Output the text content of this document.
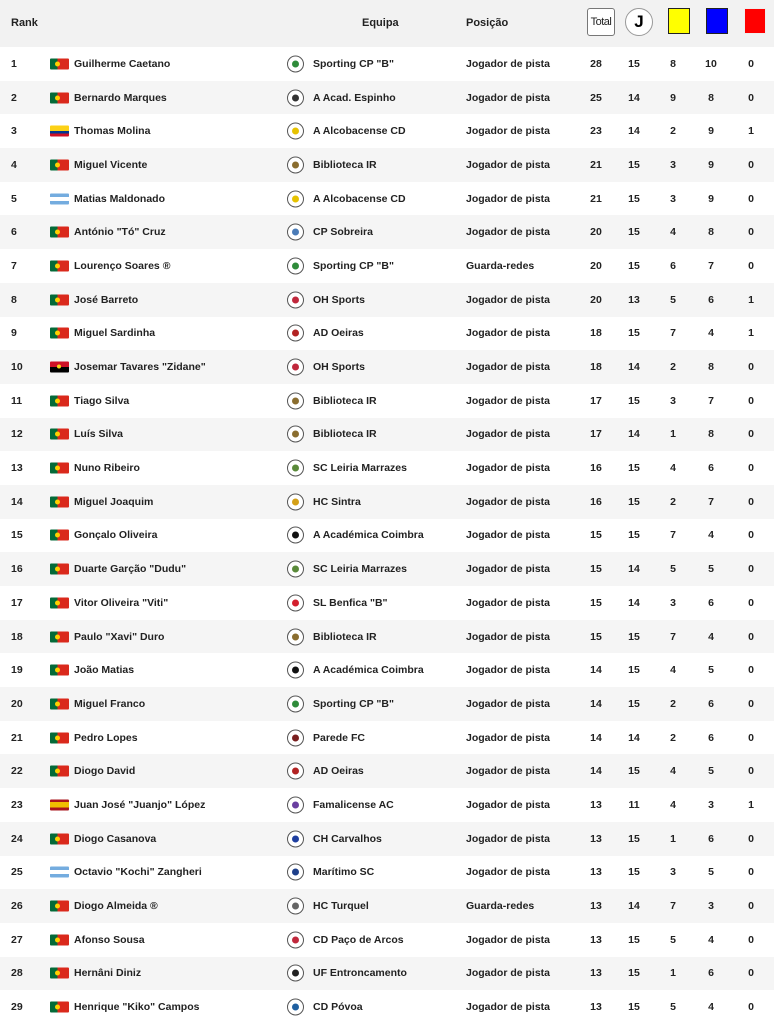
Rank	Equipa	Posição	Total	J
1	Guilherme Caetano	Sporting CP "B"	Jogador de pista	28	15	8	10	0
2	Bernardo Marques	A Acad. Espinho	Jogador de pista	25	14	9	8	0
3	Thomas Molina	A Alcobacense CD	Jogador de pista	23	14	2	9	1
4	Miguel Vicente	Biblioteca IR	Jogador de pista	21	15	3	9	0
5	Matias Maldonado	A Alcobacense CD	Jogador de pista	21	15	3	9	0
6	António "Tó" Cruz	CP Sobreira	Jogador de pista	20	15	4	8	0
7	Lourenço Soares ®	Sporting CP "B"	Guarda-redes	20	15	6	7	0
8	José Barreto	OH Sports	Jogador de pista	20	13	5	6	1
9	Miguel Sardinha	AD Oeiras	Jogador de pista	18	15	7	4	1
10	Josemar Tavares "Zidane"	OH Sports	Jogador de pista	18	14	2	8	0
11	Tiago Silva	Biblioteca IR	Jogador de pista	17	15	3	7	0
12	Luís Silva	Biblioteca IR	Jogador de pista	17	14	1	8	0
13	Nuno Ribeiro	SC Leiria Marrazes	Jogador de pista	16	15	4	6	0
14	Miguel Joaquim	HC Sintra	Jogador de pista	16	15	2	7	0
15	Gonçalo Oliveira	A Académica Coimbra	Jogador de pista	15	15	7	4	0
16	Duarte Garção "Dudu"	SC Leiria Marrazes	Jogador de pista	15	14	5	5	0
17	Vitor Oliveira "Viti"	SL Benfica "B"	Jogador de pista	15	14	3	6	0
18	Paulo "Xavi" Duro	Biblioteca IR	Jogador de pista	15	15	7	4	0
19	João Matias	A Académica Coimbra	Jogador de pista	14	15	4	5	0
20	Miguel Franco	Sporting CP "B"	Jogador de pista	14	15	2	6	0
21	Pedro Lopes	Parede FC	Jogador de pista	14	14	2	6	0
22	Diogo David	AD Oeiras	Jogador de pista	14	15	4	5	0
23	Juan José "Juanjo" López	Famalicense AC	Jogador de pista	13	11	4	3	1
24	Diogo Casanova	CH Carvalhos	Jogador de pista	13	15	1	6	0
25	Octavio "Kochi" Zangheri	Marítimo SC	Jogador de pista	13	15	3	5	0
26	Diogo Almeida ®	HC Turquel	Guarda-redes	13	14	7	3	0
27	Afonso Sousa	CD Paço de Arcos	Jogador de pista	13	15	5	4	0
28	Hernâni Diniz	UF Entroncamento	Jogador de pista	13	15	1	6	0
29	Henrique "Kiko" Campos	CD Póvoa	Jogador de pista	13	15	5	4	0
